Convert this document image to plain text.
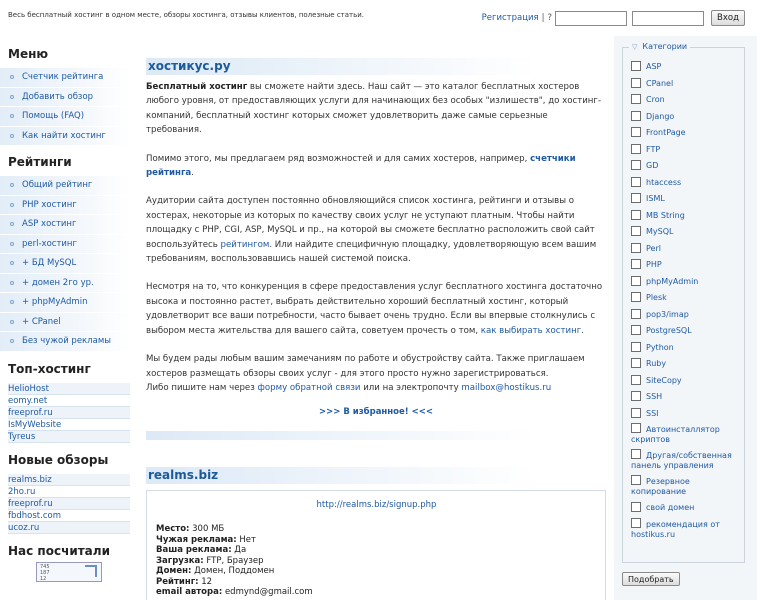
Весь бесплатный хостинг в одном месте, обзоры хостинга, отзывы клиентов, полезные статьи.	Регистрация | ?	Вход
Меню
Счетчик рейтинга
Добавить обзор
Помощь (FAQ)
Как найти хостинг
Рейтинги
Общий рейтинг
PHP хостинг
ASP хостинг
perl-хостинг
+ БД MySQL
+ домен 2го ур.
+ phpMyAdmin
+ CPanel
Без чужой рекламы
Топ-хостинг
HelioHost
eomy.net
freeprof.ru
IsMyWebsite
Tyreus
Новые обзоры
realms.biz
2ho.ru
freeprof.ru
fbdhost.com
ucoz.ru
Нас посчитали
745
187
12
хостикус.ру

Бесплатный хостинг вы сможете найти здесь. Наш сайт — это каталог бесплатных хостеров любого уровня, от предоставляющих услуги для начинающих без особых "излишеств", до хостинг-компаний, бесплатный хостинг которых сможет удовлетворить даже самые серьезные требования.

Помимо этого, мы предлагаем ряд возможностей и для самих хостеров, например, счетчики рейтинга.

Аудитории сайта доступен постоянно обновляющийся список хостинга, рейтинги и отзывы о хостерах, некоторые из которых по качеству своих услуг не уступают платным. Чтобы найти площадку с PHP, CGI, ASP, MySQL и пр., на которой вы сможете бесплатно расположить свой сайт воспользуйтесь рейтингом. Или найдите специфичную площадку, удовлетворяющую всем вашим требованиям, воспользовавшись нашей системой поиска.

Несмотря на то, что конкуренция в сфере предоставления услуг бесплатного хостинга достаточно высока и постоянно растет, выбрать действительно хороший бесплатный хостинг, который удовлетворит все ваши потребности, часто бывает очень трудно. Если вы впервые столкнулись с выбором места жительства для вашего сайта, советуем прочесть о том, как выбирать хостинг.

Мы будем рады любым вашим замечаниям по работе и обустройству сайта. Также приглашаем хостеров размещать обзоры своих услуг - для этого просто нужно зарегистрироваться.
Либо пишите нам через форму обратной связи или на электропочту mailbox@hostikus.ru

>>> В избранное! <<<
realms.biz
http://realms.biz/signup.php
Место: 300 МБ
Чужая реклама: Нет
Ваша реклама: Да
Загрузка: FTP, Браузер
Домен: Домен, Поддомен
Рейтинг: 12
email автора: edmynd@gmail.com
▽ Категории
ASP
CPanel
Cron
Django
FrontPage
FTP
GD
htaccess
ISML
MB String
MySQL
Perl
PHP
phpMyAdmin
Plesk
pop3/imap
PostgreSQL
Python
Ruby
SiteCopy
SSH
SSI
Автоинсталлятор скриптов
Другая/собственная панель управления
Резервное копирование
свой домен
рекомендация от hostikus.ru
Подобрать
